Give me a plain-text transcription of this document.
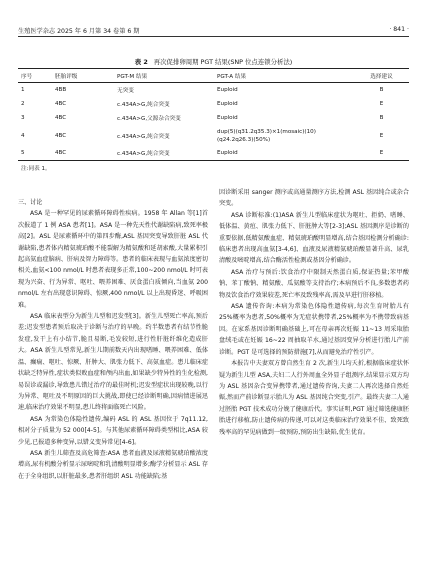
生殖医学杂志 2025 年 6 月第 34 卷第 6 期	· 841 ·
表 2 再次促排卵周期 PGT 结果(SNP 位点连锁分析法)
序号	胚胎评级	PGT-M 结果	PGT-A 结果	选择建议
1	4BB	无突变	Euploid	B
2	4BC	c.434A>G,纯合突变	Euploid	E
3	4BC	c.434A>G,父源杂合突变	Euploid	B
4	4BC	c.434A>G,纯合突变	dup(5)(q31.2q35.3)×1(mosaic)(10)
(q24.2q26.3)(50%)	E
5	4BC	c.434A>G,纯合突变	Euploid	E
注:同表 1。				

三、讨论

ASA 是一种罕见的尿素循环障碍性疾病。1958 年 Allan 等[1]首次报道了 1 例 ASA 患者[1]。ASA 是一种先天性代谢缺陷病,致死率极高[2]。ASL 是尿素循环中的第四步酶,ASL 基因突变导致肝脏 ASL 代谢缺陷,患者体内精氨琥珀酸不能裂解为精氨酸和延胡索酸,大量累积引起高氨血症脑病、肝病及智力障碍等。患者的临床表现与血氨浓度密切相关,血氨<100 nmol/L 时患者表现多正常,100~200 nmol/L 时可表现为兴奋、行为异常、呕吐、喂养困难、厌食蛋白质倾向,当血氨 200 nmol/L 左右出现意识障碍、惊厥,400 nmol/L 以上出现昏迷、呼吸困难。

ASA 临床表型分为新生儿型和迟发型[3]。新生儿型死亡率高,预后差;迟发型患者预后取决于诊断与治疗的早晚。约半数患者有结节性脆发症,发干上有小结节,脆且易断,毛发较短,进行性肝脏纤维化造成肝大。ASA 新生儿型常见,新生儿期前数天内出现嗜睡、喂养困难、低体温、癫痫、呕吐、惊厥、肝肿大、肌张力低下、高氨血症。患儿临床症状缺乏特异性,症状类似败血症和颅内出血,如果缺少特异性的生化检测,易误诊或漏诊,导致患儿错过治疗的最佳时机;迟发型症状出现较晚,以行为异常、呕吐及不明原因的巨大挑战,即使已经诊断明确,因病情进展迅速,临床治疗效果不明显,患儿终将面临死亡风险。

ASA 为常染色体隐性遗传,编码 ASL 的 ASL 基因位于 7q11.12,相对分子质量为 52 000[4-5]。与其他尿素循环障碍类型相比,ASA 较少见,已报道多种变异,以错义变异常见[4-6]。

ASA 新生儿筛查及高危筛查:ASA 患者血液及尿液精氨琥珀酸浓度增高,尿有机酸分析显示尿嘧啶和乳清酸明显增多;酶学分析显示 ASL 存在于全身组织,以肝脏最多,患者肝组织 ASL 功能缺陷;基

因诊断采用 sanger 测序或高通量测序方法,检测 ASL 基因纯合或杂合突变。

ASA 诊断标准:(1)ASA 新生儿型临床症状为呕吐、拒奶、嗜睡、低体温、黄疸、肌张力低下、肝脏肿大等[2-3];ASL 基因测序是诊断的重要依据,低精氨酸血症、精氨琥珀酸明显增高,结合基因检测分析确诊:临床患者出现高血氨[3-4,6]、血液及尿液精氨琥珀酸显著升高、尿乳清酸及嘧啶增高,结合酶活性检测或基因分析确诊。

ASA 治疗与预后:饮食治疗中限制天然蛋白质,保证热量;苯甲酸钠、苯丁酸钠、精氨酸、瓜氨酸等支持治疗;本病预后不良,多数患者药物及饮食治疗效果较差,死亡率及致残率高,需及早进行肝移植。

ASA 遗传咨询:本病为常染色体隐性遗传病,每次生育时胎儿有 25%概率为患者,50%概率为无症状携带者,25%概率为不携带致病基因。在家系基因诊断明确基础上,可在母亲再次妊娠 11~13 周采取胎盘绒毛或在妊娠 16~22 周抽取羊水,通过基因变异分析进行胎儿产前诊断。PGT 是可选择的预防措施[7],从而避免治疗性引产。

本报告中夫妻双方曾自然生育 2 次,新生儿均夭折,根据临床症状怀疑为新生儿型 ASA,夫妇二人行外周血全外显子组测序,结果显示双方均为 ASL 基因杂合变异携带者,通过遗传咨询,夫妻二人再次选择自然妊娠,然而产前诊断显示胎儿为 ASL 基因纯合突变,引产。最终夫妻二人通过胚胎 PGT 技术成功分娩了健康后代。事实证明,PGT 通过筛选健康胚胎进行移植,防止遗传病的传递,可以对这类临床治疗效果不佳、致死致残率高的罕见病做到一级预防,预防出生缺陷,优生优育。
